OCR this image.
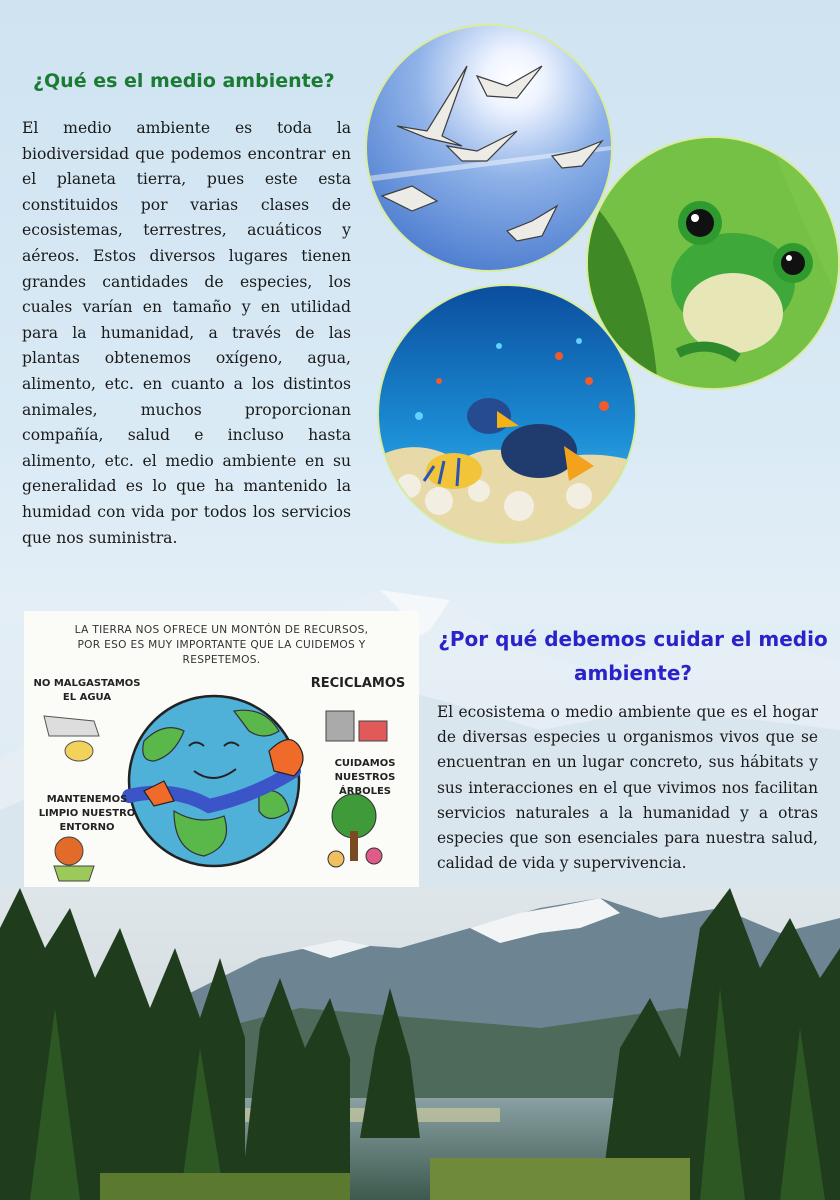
¿Qué es el medio ambiente?
El medio ambiente es toda la biodiversidad que podemos encontrar en el planeta tierra, pues este esta constituidos por varias clases de ecosistemas, terrestres, acuáticos y aéreos. Estos diversos lugares tienen grandes cantidades de especies, los cuales varían en tamaño y en utilidad para la humanidad, a través de las plantas obtenemos oxígeno, agua, alimento, etc. en cuanto a los distintos animales, muchos proporcionan compañía, salud e incluso hasta alimento, etc. el medio ambiente en su generalidad es lo que ha mantenido la humidad con vida por todos los servicios que nos suministra.
LA TIERRA NOS OFRECE UN MONTÓN DE RECURSOS, POR ESO ES MUY IMPORTANTE QUE LA CUIDEMOS Y RESPETEMOS.
NO MALGASTAMOS EL AGUA
RECICLAMOS
CUIDAMOS NUESTROS ÁRBOLES
MANTENEMOS LIMPIO NUESTRO ENTORNO
¿Por qué debemos cuidar el medio ambiente?
El ecosistema o medio ambiente que es el hogar de diversas especies u organismos vivos que se encuentran en un lugar concreto, sus hábitats y sus interacciones en el que vivimos nos facilitan servicios naturales a la humanidad y a otras especies que son esenciales para nuestra salud, calidad de vida y supervivencia.
